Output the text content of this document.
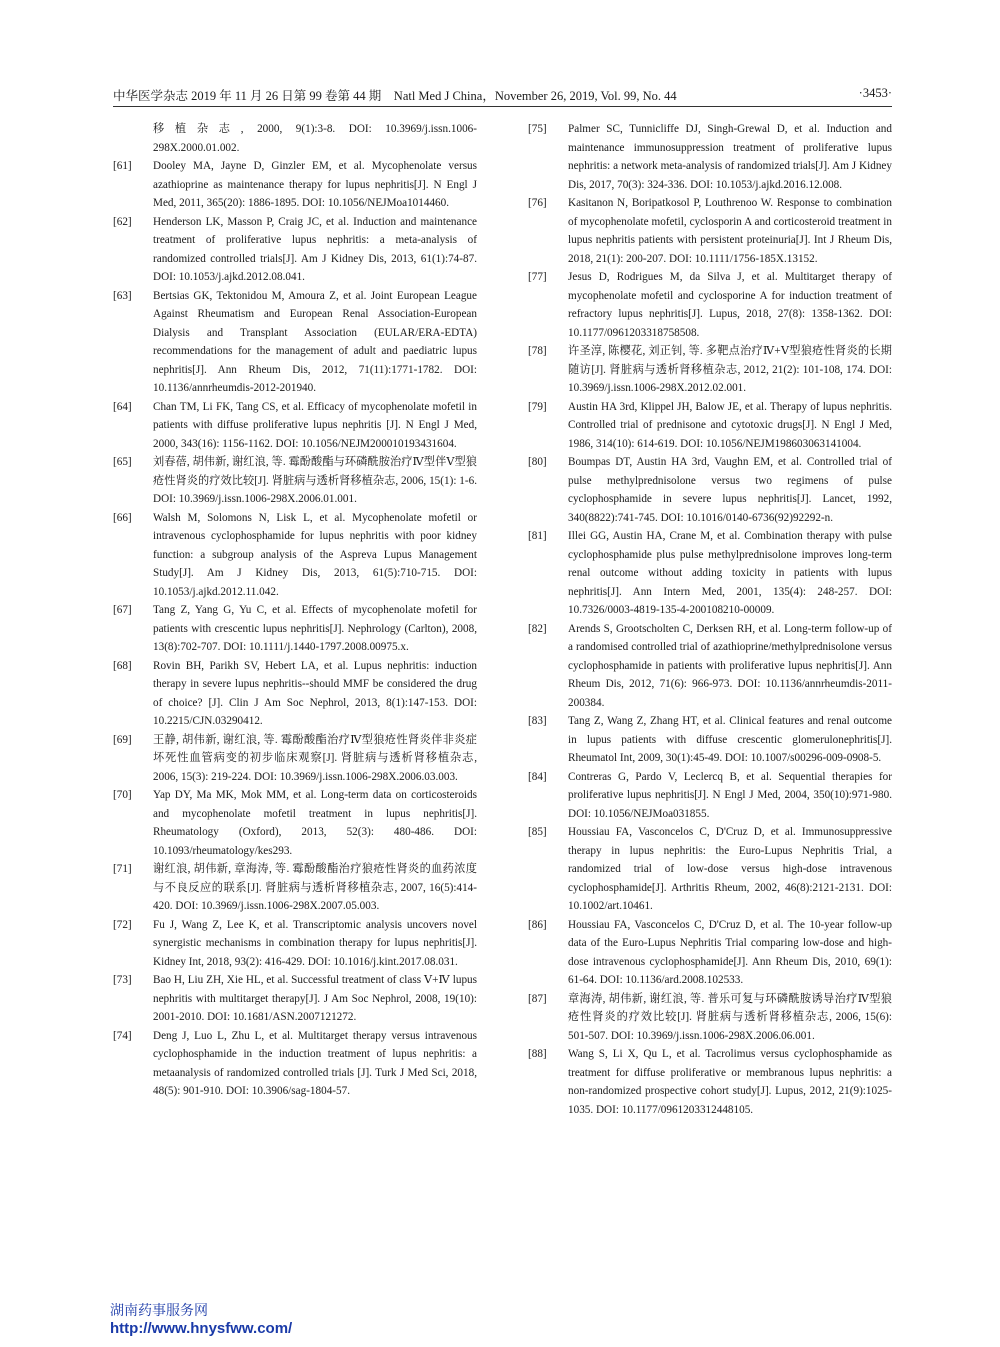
中华医学杂志 2019 年 11 月 26 日第 99 卷第 44 期　Natl Med J China，November 26, 2019, Vol. 99, No. 44	·3453·
移植杂志, 2000, 9(1):3-8. DOI: 10.3969/j.issn.1006-298X.2000.01.002.
[61] Dooley MA, Jayne D, Ginzler EM, et al. Mycophenolate versus azathioprine as maintenance therapy for lupus nephritis[J]. N Engl J Med, 2011, 365(20): 1886-1895. DOI: 10.1056/NEJMoa1014460.
[62] Henderson LK, Masson P, Craig JC, et al. Induction and maintenance treatment of proliferative lupus nephritis: a meta-analysis of randomized controlled trials[J]. Am J Kidney Dis, 2013, 61(1):74-87. DOI: 10.1053/j.ajkd.2012.08.041.
[63] Bertsias GK, Tektonidou M, Amoura Z, et al. Joint European League Against Rheumatism and European Renal Association-European Dialysis and Transplant Association (EULAR/ERA-EDTA) recommendations for the management of adult and paediatric lupus nephritis[J]. Ann Rheum Dis, 2012, 71(11):1771-1782. DOI: 10.1136/annrheumdis-2012-201940.
[64] Chan TM, Li FK, Tang CS, et al. Efficacy of mycophenolate mofetil in patients with diffuse proliferative lupus nephritis [J]. N Engl J Med, 2000, 343(16): 1156-1162. DOI: 10.1056/NEJM200010193431604.
[65] 刘春蓓, 胡伟新, 谢红浪, 等. 霉酚酸酯与环磷酰胺治疗Ⅳ型伴Ⅴ型狼疮性肾炎的疗效比较[J]. 肾脏病与透析肾移植杂志, 2006, 15(1): 1-6. DOI: 10.3969/j.issn.1006-298X.2006.01.001.
[66] Walsh M, Solomons N, Lisk L, et al. Mycophenolate mofetil or intravenous cyclophosphamide for lupus nephritis with poor kidney function: a subgroup analysis of the Aspreva Lupus Management Study[J]. Am J Kidney Dis, 2013, 61(5):710-715. DOI: 10.1053/j.ajkd.2012.11.042.
[67] Tang Z, Yang G, Yu C, et al. Effects of mycophenolate mofetil for patients with crescentic lupus nephritis[J]. Nephrology (Carlton), 2008, 13(8):702-707. DOI: 10.1111/j.1440-1797.2008.00975.x.
[68] Rovin BH, Parikh SV, Hebert LA, et al. Lupus nephritis: induction therapy in severe lupus nephritis--should MMF be considered the drug of choice? [J]. Clin J Am Soc Nephrol, 2013, 8(1):147-153. DOI: 10.2215/CJN.03290412.
[69] 王静, 胡伟新, 谢红浪, 等. 霉酚酸酯治疗Ⅳ型狼疮性肾炎伴非炎症坏死性血管病变的初步临床观察[J]. 肾脏病与透析肾移植杂志, 2006, 15(3): 219-224. DOI: 10.3969/j.issn.1006-298X.2006.03.003.
[70] Yap DY, Ma MK, Mok MM, et al. Long-term data on corticosteroids and mycophenolate mofetil treatment in lupus nephritis[J]. Rheumatology (Oxford), 2013, 52(3): 480-486. DOI: 10.1093/rheumatology/kes293.
[71] 谢红浪, 胡伟新, 章海涛, 等. 霉酚酸酯治疗狼疮性肾炎的血药浓度与不良反应的联系[J]. 肾脏病与透析肾移植杂志, 2007, 16(5):414-420. DOI: 10.3969/j.issn.1006-298X.2007.05.003.
[72] Fu J, Wang Z, Lee K, et al. Transcriptomic analysis uncovers novel synergistic mechanisms in combination therapy for lupus nephritis[J]. Kidney Int, 2018, 93(2): 416-429. DOI: 10.1016/j.kint.2017.08.031.
[73] Bao H, Liu ZH, Xie HL, et al. Successful treatment of class Ⅴ+Ⅳ lupus nephritis with multitarget therapy[J]. J Am Soc Nephrol, 2008, 19(10): 2001-2010. DOI: 10.1681/ASN.2007121272.
[74] Deng J, Luo L, Zhu L, et al. Multitarget therapy versus intravenous cyclophosphamide in the induction treatment of lupus nephritis: a metaanalysis of randomized controlled trials [J]. Turk J Med Sci, 2018, 48(5): 901-910. DOI: 10.3906/sag-1804-57.
[75] Palmer SC, Tunnicliffe DJ, Singh-Grewal D, et al. Induction and maintenance immunosuppression treatment of proliferative lupus nephritis: a network meta-analysis of randomized trials[J]. Am J Kidney Dis, 2017, 70(3): 324-336. DOI: 10.1053/j.ajkd.2016.12.008.
[76] Kasitanon N, Boripatkosol P, Louthrenoo W. Response to combination of mycophenolate mofetil, cyclosporin A and corticosteroid treatment in lupus nephritis patients with persistent proteinuria[J]. Int J Rheum Dis, 2018, 21(1): 200-207. DOI: 10.1111/1756-185X.13152.
[77] Jesus D, Rodrigues M, da Silva J, et al. Multitarget therapy of mycophenolate mofetil and cyclosporine A for induction treatment of refractory lupus nephritis[J]. Lupus, 2018, 27(8): 1358-1362. DOI: 10.1177/0961203318758508.
[78] 许圣淳, 陈樱花, 刘正钊, 等. 多靶点治疗Ⅳ+Ⅴ型狼疮性肾炎的长期随访[J]. 肾脏病与透析肾移植杂志, 2012, 21(2): 101-108, 174. DOI: 10.3969/j.issn.1006-298X.2012.02.001.
[79] Austin HA 3rd, Klippel JH, Balow JE, et al. Therapy of lupus nephritis. Controlled trial of prednisone and cytotoxic drugs[J]. N Engl J Med, 1986, 314(10): 614-619. DOI: 10.1056/NEJM198603063141004.
[80] Boumpas DT, Austin HA 3rd, Vaughn EM, et al. Controlled trial of pulse methylprednisolone versus two regimens of pulse cyclophosphamide in severe lupus nephritis[J]. Lancet, 1992, 340(8822):741-745. DOI: 10.1016/0140-6736(92)92292-n.
[81] Illei GG, Austin HA, Crane M, et al. Combination therapy with pulse cyclophosphamide plus pulse methylprednisolone improves long-term renal outcome without adding toxicity in patients with lupus nephritis[J]. Ann Intern Med, 2001, 135(4): 248-257. DOI: 10.7326/0003-4819-135-4-200108210-00009.
[82] Arends S, Grootscholten C, Derksen RH, et al. Long-term follow-up of a randomised controlled trial of azathioprine/methylprednisolone versus cyclophosphamide in patients with proliferative lupus nephritis[J]. Ann Rheum Dis, 2012, 71(6): 966-973. DOI: 10.1136/annrheumdis-2011-200384.
[83] Tang Z, Wang Z, Zhang HT, et al. Clinical features and renal outcome in lupus patients with diffuse crescentic glomerulonephritis[J]. Rheumatol Int, 2009, 30(1):45-49. DOI: 10.1007/s00296-009-0908-5.
[84] Contreras G, Pardo V, Leclercq B, et al. Sequential therapies for proliferative lupus nephritis[J]. N Engl J Med, 2004, 350(10):971-980. DOI: 10.1056/NEJMoa031855.
[85] Houssiau FA, Vasconcelos C, D'Cruz D, et al. Immunosuppressive therapy in lupus nephritis: the Euro-Lupus Nephritis Trial, a randomized trial of low-dose versus high-dose intravenous cyclophosphamide[J]. Arthritis Rheum, 2002, 46(8):2121-2131. DOI: 10.1002/art.10461.
[86] Houssiau FA, Vasconcelos C, D'Cruz D, et al. The 10-year follow-up data of the Euro-Lupus Nephritis Trial comparing low-dose and high-dose intravenous cyclophosphamide[J]. Ann Rheum Dis, 2010, 69(1): 61-64. DOI: 10.1136/ard.2008.102533.
[87] 章海涛, 胡伟新, 谢红浪, 等. 普乐可复与环磷酰胺诱导治疗Ⅳ型狼疮性肾炎的疗效比较[J]. 肾脏病与透析肾移植杂志, 2006, 15(6): 501-507. DOI: 10.3969/j.issn.1006-298X.2006.06.001.
[88] Wang S, Li X, Qu L, et al. Tacrolimus versus cyclophosphamide as treatment for diffuse proliferative or membranous lupus nephritis: a non-randomized prospective cohort study[J]. Lupus, 2012, 21(9):1025-1035. DOI: 10.1177/0961203312448105.
湖南药事服务网
http://www.hnysfww.com/
